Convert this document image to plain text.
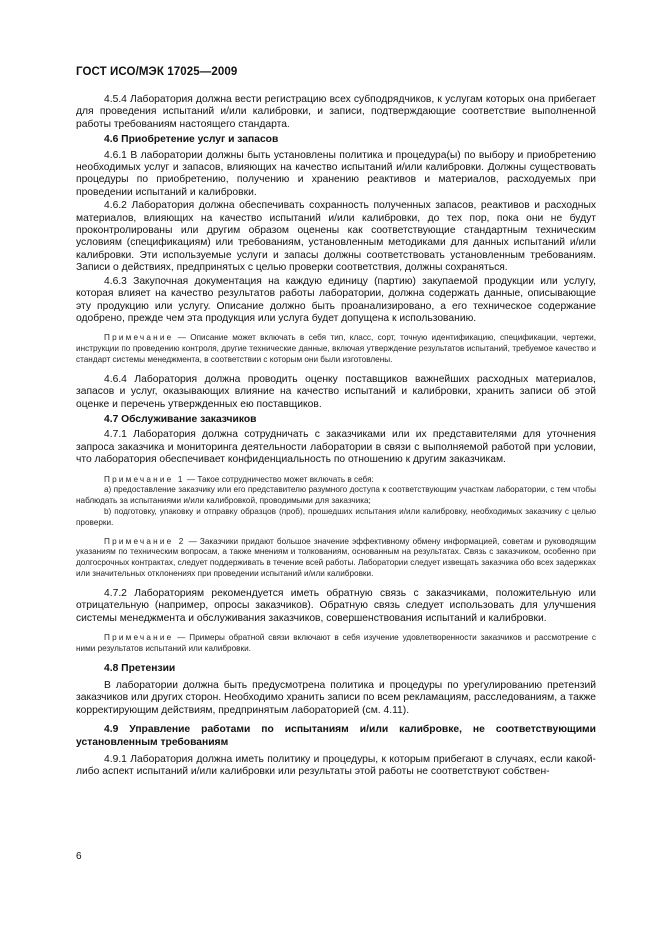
ГОСТ ИСО/МЭК 17025—2009

4.5.4 Лаборатория должна вести регистрацию всех субподрядчиков, к услугам которых она прибегает для проведения испытаний и/или калибровки, и записи, подтверждающие соответствие выполненной работы требованиям настоящего стандарта.

4.6 Приобретение услуг и запасов

4.6.1 В лаборатории должны быть установлены политика и процедура(ы) по выбору и приобретению необходимых услуг и запасов, влияющих на качество испытаний и/или калибровки. Должны существовать процедуры по приобретению, получению и хранению реактивов и материалов, расходуемых при проведении испытаний и калибровки.

4.6.2 Лаборатория должна обеспечивать сохранность полученных запасов, реактивов и расходных материалов, влияющих на качество испытаний и/или калибровки, до тех пор, пока они не будут проконтролированы или другим образом оценены как соответствующие стандартным техническим условиям (спецификациям) или требованиям, установленным методиками для данных испытаний и/или калибровки. Эти используемые услуги и запасы должны соответствовать установленным требованиям. Записи о действиях, предпринятых с целью проверки соответствия, должны сохраняться.

4.6.3 Закупочная документация на каждую единицу (партию) закупаемой продукции или услугу, которая влияет на качество результатов работы лаборатории, должна содержать данные, описывающие эту продукцию или услугу. Описание должно быть проанализировано, а его техническое содержание одобрено, прежде чем эта продукция или услуга будет допущена к использованию.

Примечание — Описание может включать в себя тип, класс, сорт, точную идентификацию, спецификации, чертежи, инструкции по проведению контроля, другие технические данные, включая утверждение результатов испытаний, требуемое качество и стандарт системы менеджмента, в соответствии с которым они были изготовлены.

4.6.4 Лаборатория должна проводить оценку поставщиков важнейших расходных материалов, запасов и услуг, оказывающих влияние на качество испытаний и калибровки, хранить записи об этой оценке и перечень утвержденных ею поставщиков.

4.7 Обслуживание заказчиков

4.7.1 Лаборатория должна сотрудничать с заказчиками или их представителями для уточнения запроса заказчика и мониторинга деятельности лаборатории в связи с выполняемой работой при условии, что лаборатория обеспечивает конфиденциальность по отношению к другим заказчикам.

Примечание 1 — Такое сотрудничество может включать в себя:

a) предоставление заказчику или его представителю разумного доступа к соответствующим участкам лаборатории, с тем чтобы наблюдать за испытаниями и/или калибровкой, проводимыми для заказчика;

b) подготовку, упаковку и отправку образцов (проб), прошедших испытания и/или калибровку, необходимых заказчику с целью проверки.

Примечание 2 — Заказчики придают большое значение эффективному обмену информацией, советам и руководящим указаниям по техническим вопросам, а также мнениям и толкованиям, основанным на результатах. Связь с заказчиком, особенно при долгосрочных контрактах, следует поддерживать в течение всей работы. Лаборатории следует извещать заказчика обо всех задержках или значительных отклонениях при проведении испытаний и/или калибровки.

4.7.2 Лабораториям рекомендуется иметь обратную связь с заказчиками, положительную или отрицательную (например, опросы заказчиков). Обратную связь следует использовать для улучшения системы менеджмента и обслуживания заказчиков, совершенствования испытаний и калибровки.

Примечание — Примеры обратной связи включают в себя изучение удовлетворенности заказчиков и рассмотрение с ними результатов испытаний или калибровки.

4.8 Претензии

В лаборатории должна быть предусмотрена политика и процедуры по урегулированию претензий заказчиков или других сторон. Необходимо хранить записи по всем рекламациям, расследованиям, а также корректирующим действиям, предпринятым лабораторией (см. 4.11).

4.9 Управление работами по испытаниям и/или калибровке, не соответствующими установленным требованиям

4.9.1 Лаборатория должна иметь политику и процедуры, к которым прибегают в случаях, если какой-либо аспект испытаний и/или калибровки или результаты этой работы не соответствуют собствен-

6
